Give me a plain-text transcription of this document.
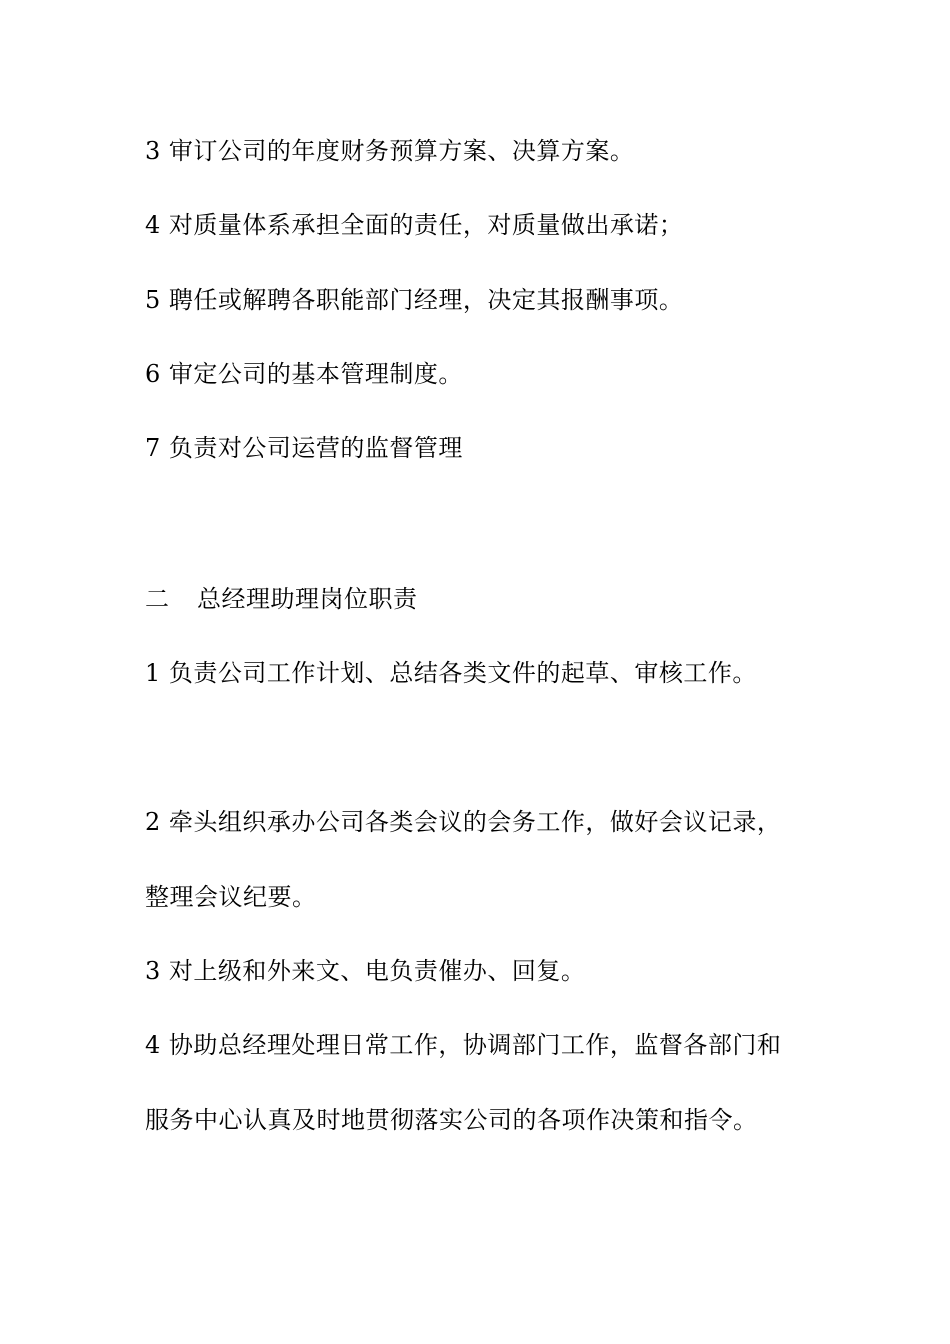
3 审订公司的年度财务预算方案、决算方案。
4 对质量体系承担全面的责任，对质量做出承诺；
5 聘任或解聘各职能部门经理，决定其报酬事项。
6 审定公司的基本管理制度。
7 负责对公司运营的监督管理
二 总经理助理岗位职责
1 负责公司工作计划、总结各类文件的起草、审核工作。
2 牵头组织承办公司各类会议的会务工作，做好会议记录，
整理会议纪要。
3 对上级和外来文、电负责催办、回复。
4 协助总经理处理日常工作，协调部门工作，监督各部门和
服务中心认真及时地贯彻落实公司的各项作决策和指令。
